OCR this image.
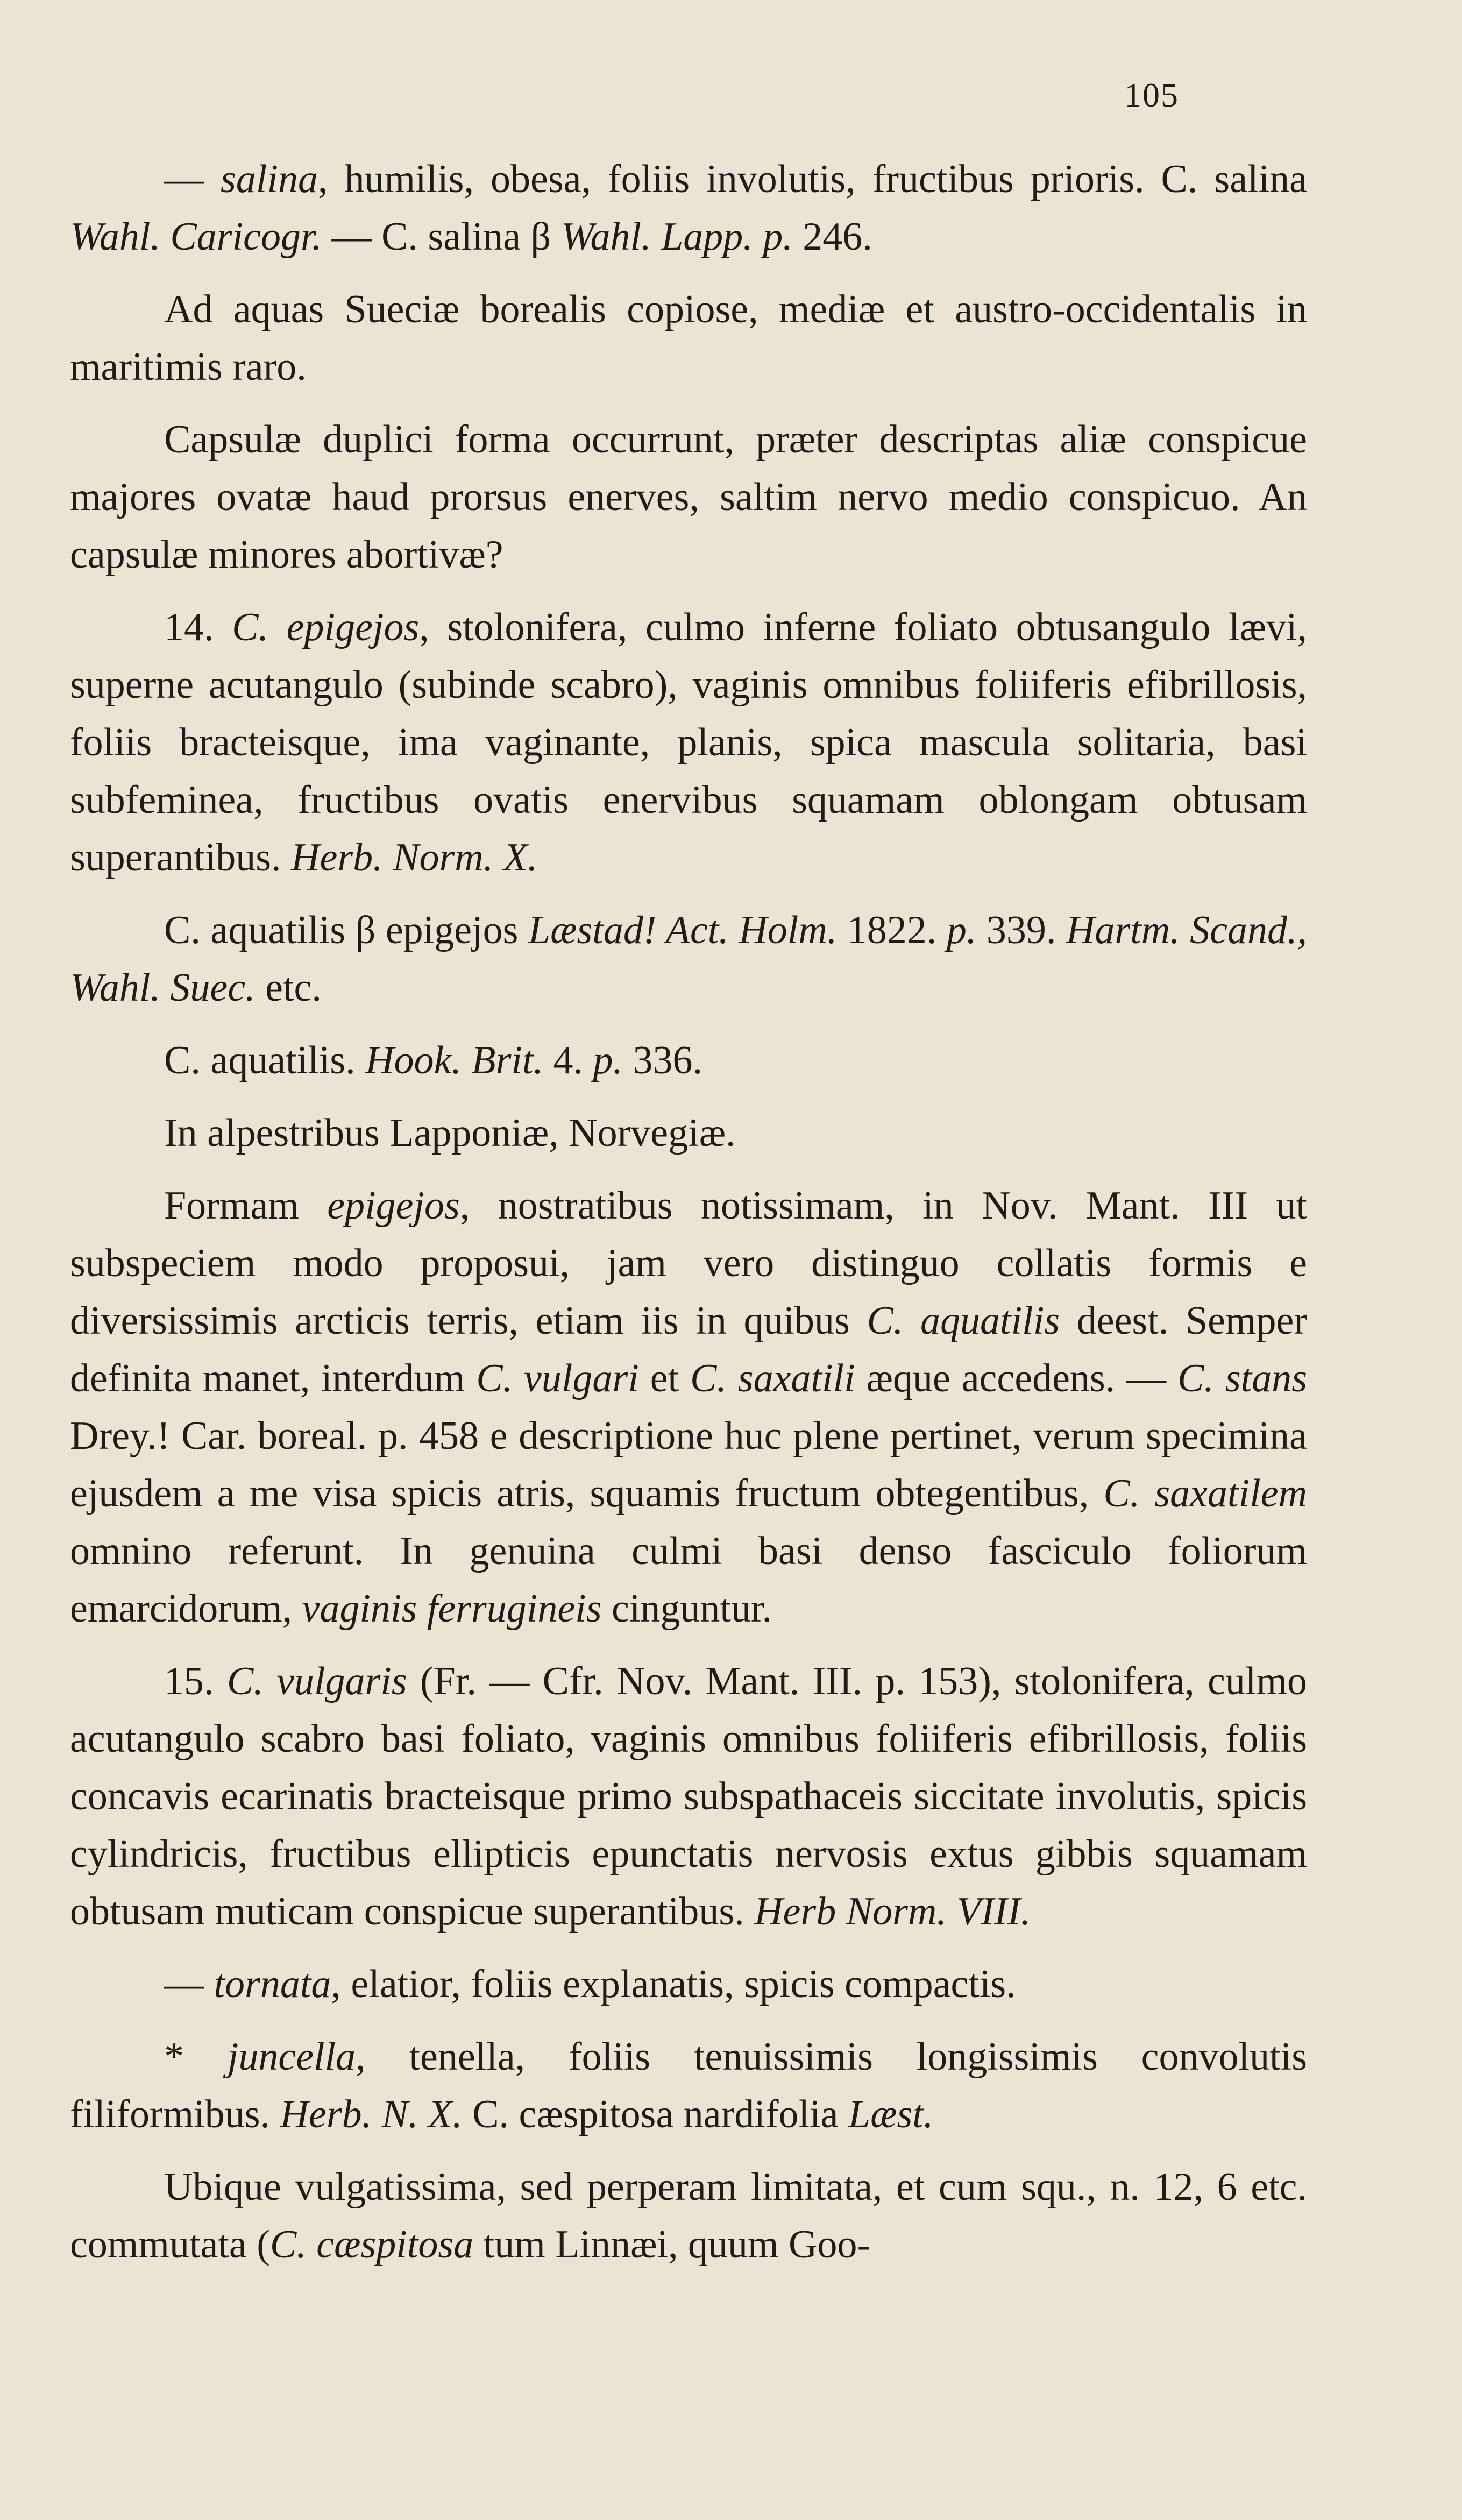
105

— salina, humilis, obesa, foliis involutis, fructibus prioris. C. salina Wahl. Caricogr. — C. salina β Wahl. Lapp. p. 246.

Ad aquas Sueciæ borealis copiose, mediæ et austro-occidentalis in maritimis raro.

Capsulæ duplici forma occurrunt, præter descriptas aliæ conspicue majores ovatæ haud prorsus enerves, saltim nervo medio conspicuo. An capsulæ minores abortivæ?

14. C. epigejos, stolonifera, culmo inferne foliato obtusangulo lævi, superne acutangulo (subinde scabro), vaginis omnibus foliiferis efibrillosis, foliis bracteisque, ima vaginante, planis, spica mascula solitaria, basi subfeminea, fructibus ovatis enervibus squamam oblongam obtusam superantibus. Herb. Norm. X.

C. aquatilis β epigejos Læstad! Act. Holm. 1822. p. 339. Hartm. Scand., Wahl. Suec. etc.

C. aquatilis. Hook. Brit. 4. p. 336.

In alpestribus Lapponiæ, Norvegiæ.

Formam epigejos, nostratibus notissimam, in Nov. Mant. III ut subspeciem modo proposui, jam vero distinguo collatis formis e diversissimis arcticis terris, etiam iis in quibus C. aquatilis deest. Semper definita manet, interdum C. vulgari et C. saxatili æque accedens. — C. stans Drey.! Car. boreal. p. 458 e descriptione huc plene pertinet, verum specimina ejusdem a me visa spicis atris, squamis fructum obtegentibus, C. saxatilem omnino referunt. In genuina culmi basi denso fasciculo foliorum emarcidorum, vaginis ferrugineis cinguntur.

15. C. vulgaris (Fr. — Cfr. Nov. Mant. III. p. 153), stolonifera, culmo acutangulo scabro basi foliato, vaginis omnibus foliiferis efibrillosis, foliis concavis ecarinatis bracteisque primo subspathaceis siccitate involutis, spicis cylindricis, fructibus ellipticis epunctatis nervosis extus gibbis squamam obtusam muticam conspicue superantibus. Herb Norm. VIII.

— tornata, elatior, foliis explanatis, spicis compactis.

* juncella, tenella, foliis tenuissimis longissimis convolutis filiformibus. Herb. N. X. C. cæspitosa nardifolia Læst.

Ubique vulgatissima, sed perperam limitata, et cum squ., n. 12, 6 etc. commutata (C. cæspitosa tum Linnæi, quum Goo-
